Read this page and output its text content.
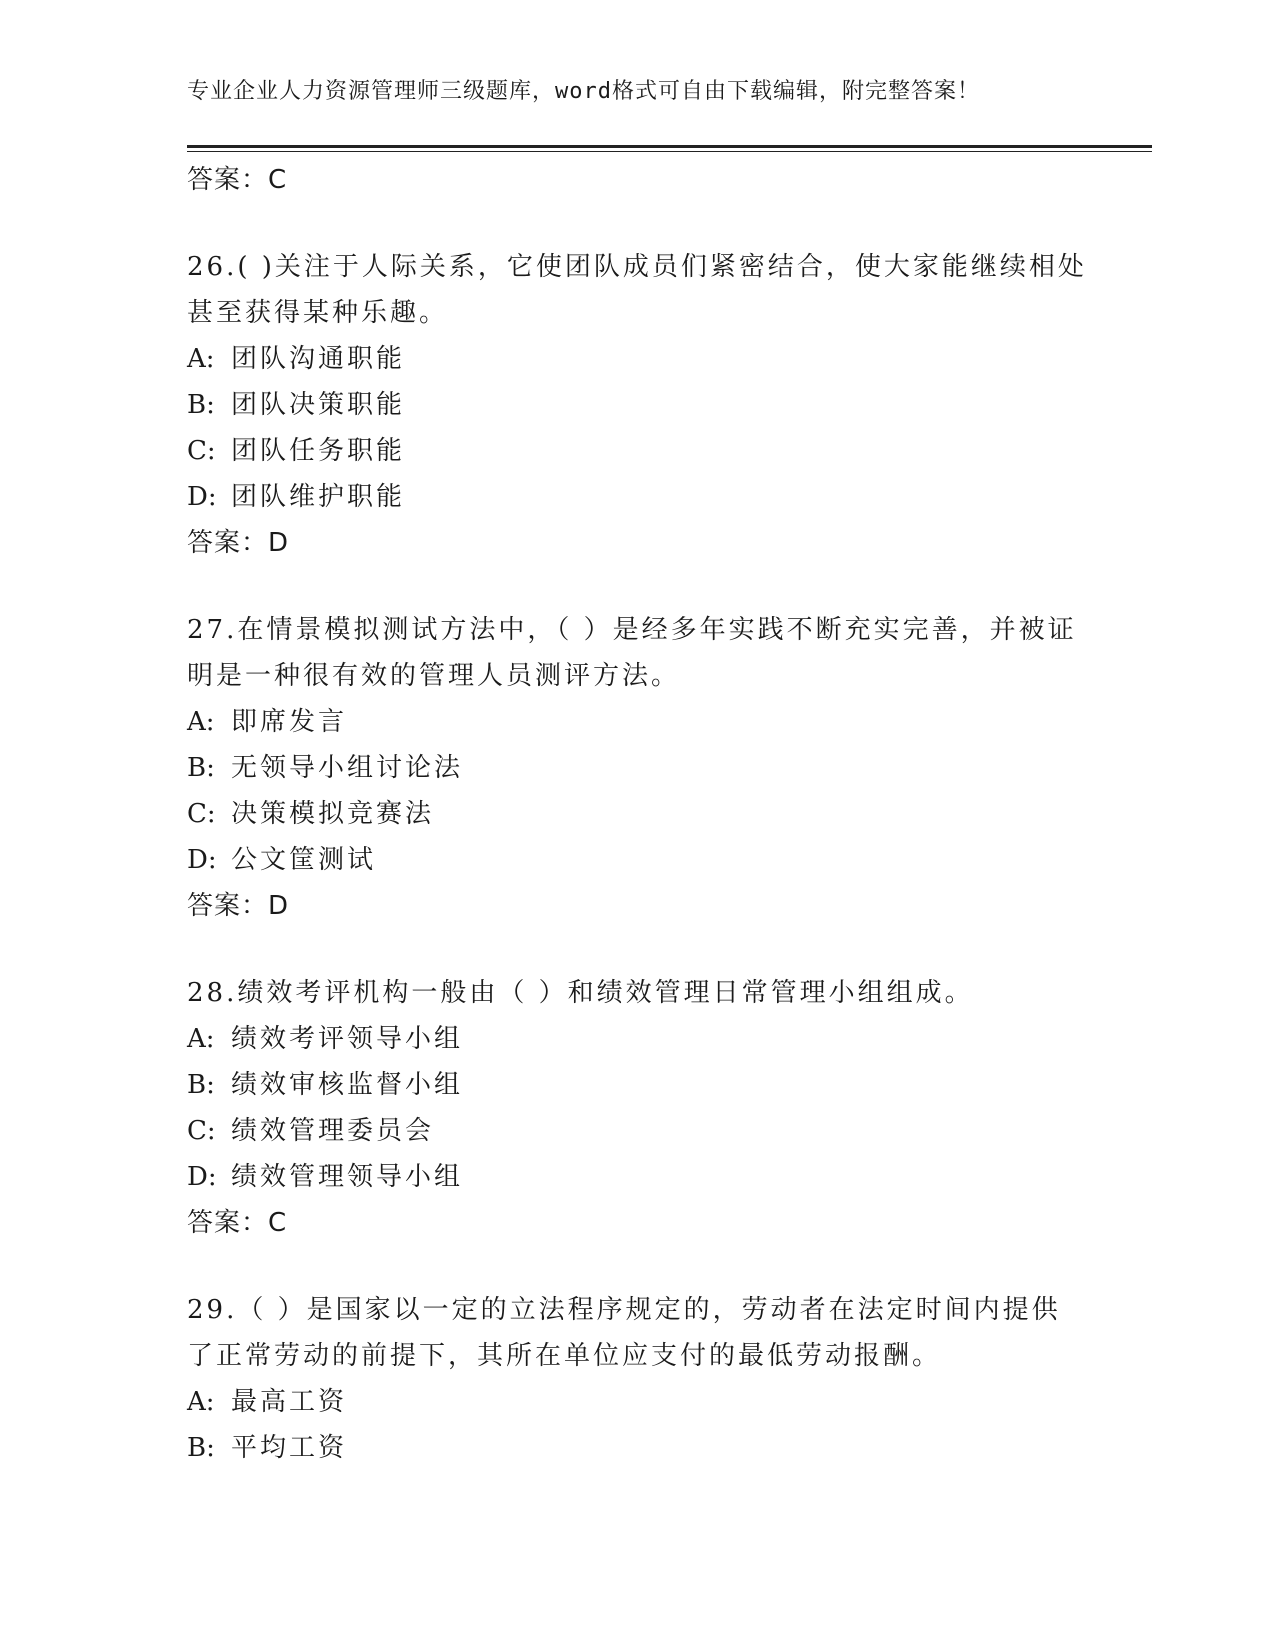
专业企业人力资源管理师三级题库，word格式可自由下载编辑，附完整答案！
答案：C
26.( )关注于人际关系，它使团队成员们紧密结合，使大家能继续相处甚至获得某种乐趣。
A: 团队沟通职能
B: 团队决策职能
C: 团队任务职能
D: 团队维护职能
答案：D
27.在情景模拟测试方法中，（ ）是经多年实践不断充实完善，并被证明是一种很有效的管理人员测评方法。
A: 即席发言
B: 无领导小组讨论法
C: 决策模拟竞赛法
D: 公文筐测试
答案：D
28.绩效考评机构一般由（ ）和绩效管理日常管理小组组成。
A: 绩效考评领导小组
B: 绩效审核监督小组
C: 绩效管理委员会
D: 绩效管理领导小组
答案：C
29.（ ）是国家以一定的立法程序规定的，劳动者在法定时间内提供了正常劳动的前提下，其所在单位应支付的最低劳动报酬。
A: 最高工资
B: 平均工资
